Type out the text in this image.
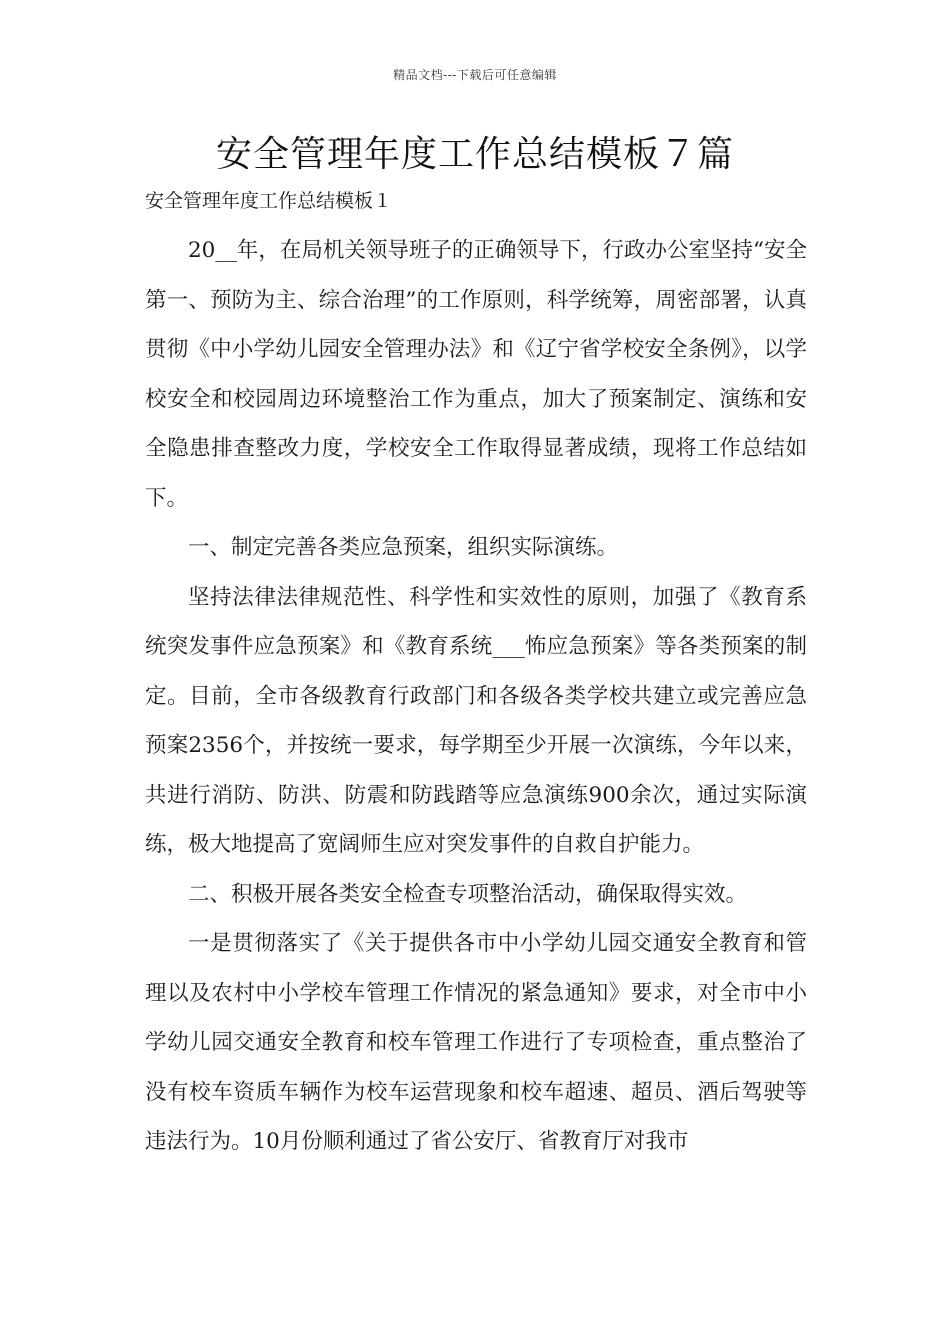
精品文档---下载后可任意编辑
安全管理年度工作总结模板７篇

安全管理年度工作总结模板１

20__年，在局机关领导班子的正确领导下，行政办公室坚持“安全第一、预防为主、综合治理”的工作原则，科学统筹，周密部署，认真贯彻《中小学幼儿园安全管理办法》和《辽宁省学校安全条例》，以学校安全和校园周边环境整治工作为重点，加大了预案制定、演练和安全隐患排查整改力度，学校安全工作取得显著成绩，现将工作总结如下。

一、制定完善各类应急预案，组织实际演练。

坚持法律法律规范性、科学性和实效性的原则，加强了《教育系统突发事件应急预案》和《教育系统___怖应急预案》等各类预案的制定。目前，全市各级教育行政部门和各级各类学校共建立或完善应急预案2356个，并按统一要求，每学期至少开展一次演练，今年以来，共进行消防、防洪、防震和防践踏等应急演练900余次，通过实际演练，极大地提高了宽阔师生应对突发事件的自救自护能力。

二、积极开展各类安全检查专项整治活动，确保取得实效。

一是贯彻落实了《关于提供各市中小学幼儿园交通安全教育和管理以及农村中小学校车管理工作情况的紧急通知》要求，对全市中小学幼儿园交通安全教育和校车管理工作进行了专项检查，重点整治了没有校车资质车辆作为校车运营现象和校车超速、超员、酒后驾驶等违法行为。10月份顺利通过了省公安厅、省教育厅对我市
